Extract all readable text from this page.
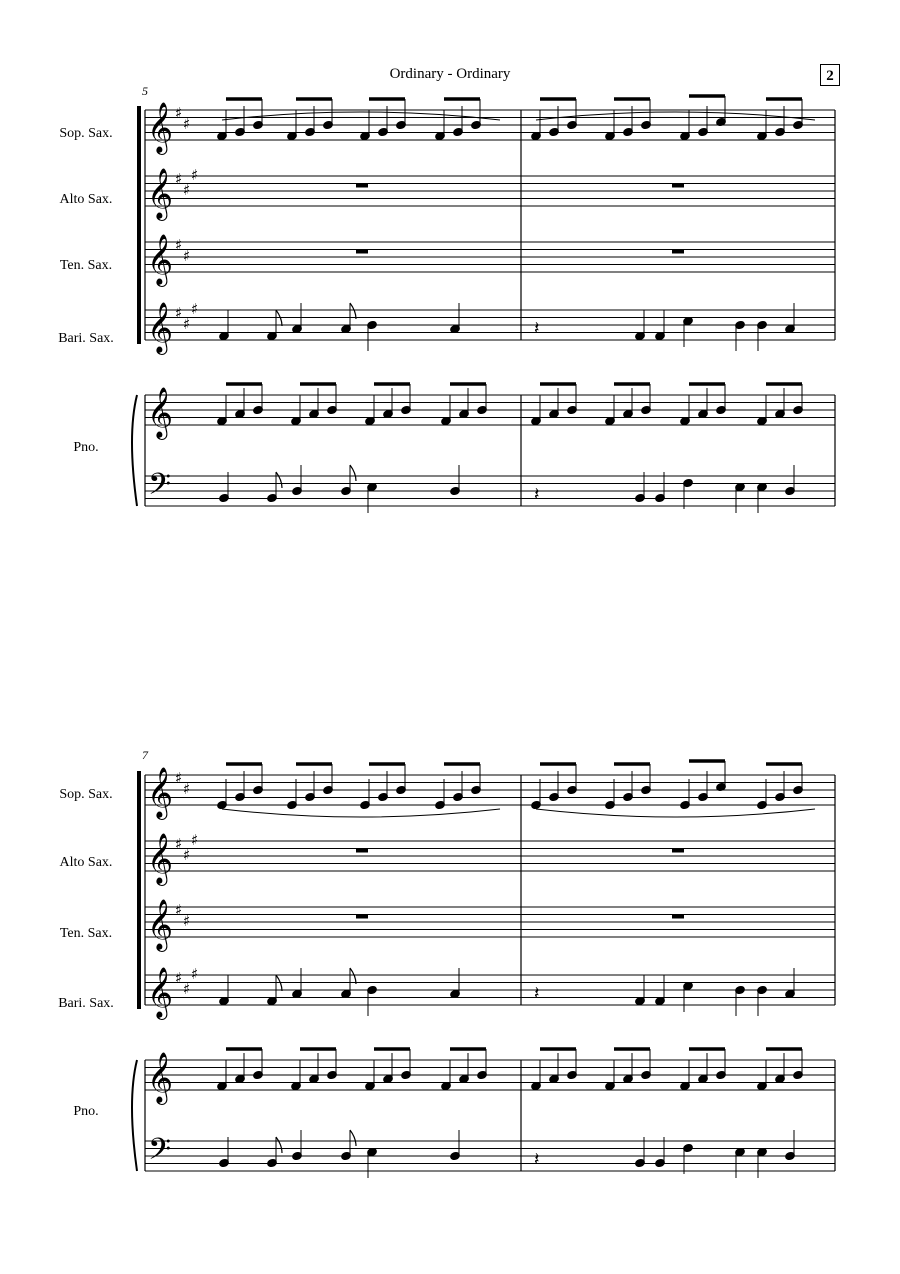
Ordinary - Ordinary	2
5
Sop. Sax.
Alto Sax.
Ten. Sax.
Bari. Sax.
Pno.
7
Sop. Sax.
Alto Sax.
Ten. Sax.
Bari. Sax.
Pno.
𝄞 ♯
♯
𝄞 ♯
♯
♯
𝄞 ♯
♯
𝄞 ♯
♯
♯
𝄞
𝄢
𝄽
𝄽
𝄞 ♯
♯
𝄞 ♯
♯
♯
𝄞 ♯
♯
𝄞 ♯
♯
♯
𝄞
𝄢
𝄽
𝄽
